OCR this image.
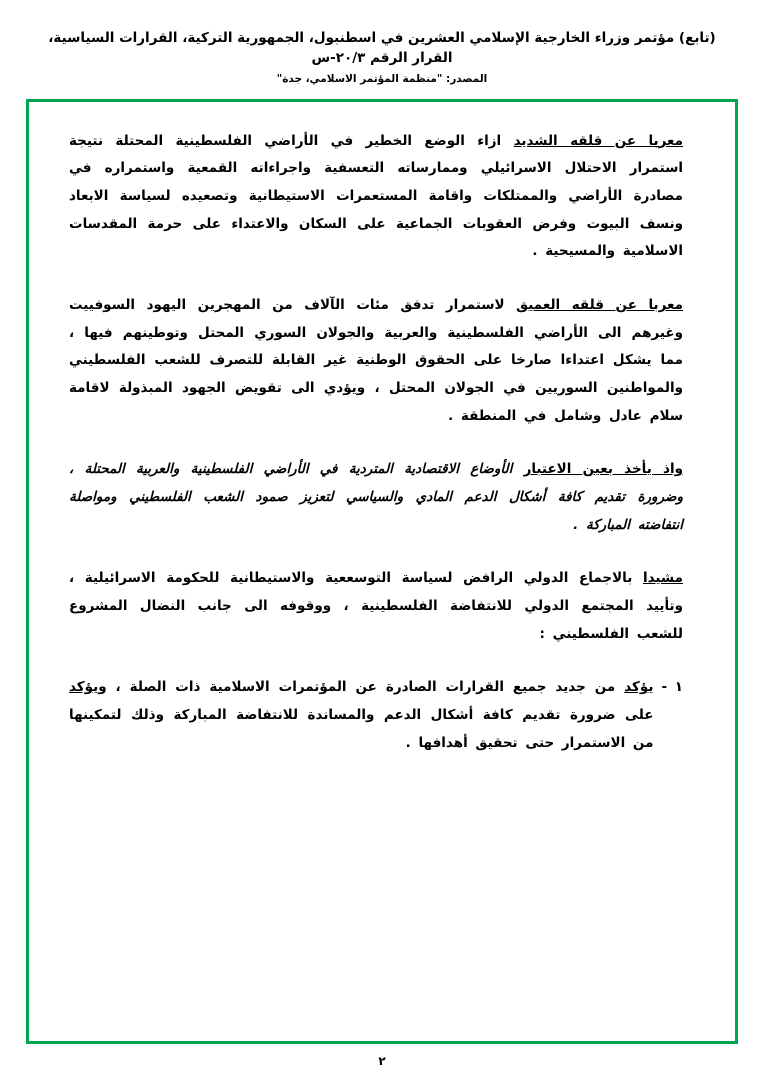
(تابع) مؤتمر وزراء الخارجية الإسلامي العشرين في اسطنبول، الجمهورية التركية، القرارات السياسية، القرار الرقم ٢٠/٣-س
المصدر: "منظمة المؤتمر الاسلامي، جدة"

معربا عن قلقه الشديد ازاء الوضع الخطير في الأراضي الفلسطينية المحتلة نتيجة استمرار الاحتلال الاسرائيلي وممارساته التعسفية واجراءاته القمعية واستمراره في مصادرة الأراضي والممتلكات واقامة المستعمرات الاستيطانية وتصعيده لسياسة الابعاد ونسف البيوت وفرض العقوبات الجماعية على السكان والاعتداء على حرمة المقدسات الاسلامية والمسيحية .

معربا عن قلقه العميق لاستمرار تدفق مئات الآلاف من المهجرين اليهود السوفييت وغيرهم الى الأراضي الفلسطينية والعربية والجولان السوري المحتل وتوطينهم فيها ، مما يشكل اعتداءا صارخا على الحقوق الوطنية غير القابلة للتصرف للشعب الفلسطيني والمواطنين السوريين في الجولان المحتل ، ويؤدي الى تقويض الجهود المبذولة لاقامة سلام عادل وشامل في المنطقة .

واذ يأخذ بعين الاعتبار الأوضاع الاقتصادية المتردية في الأراضي الفلسطينية والعربية المحتلة ، وضرورة تقديم كافة أشكال الدعم المادي والسياسي لتعزيز صمود الشعب الفلسطيني ومواصلة انتفاضته المباركة .

مشيدا بالاجماع الدولي الرافض لسياسة التوسععية والاستيطانية للحكومة الاسرائيلية ، وتأييد المجتمع الدولي للانتفاضة الفلسطينية ، ووقوفه الى جانب النضال المشروع للشعب الفلسطيني :

١ -
يؤكد من جديد جميع القرارات الصادرة عن المؤتمرات الاسلامية ذات الصلة ، ويؤكد على ضرورة تقديم كافة أشكال الدعم والمساندة للانتفاضة المباركة وذلك لتمكينها من الاستمرار حتى تحقيق أهدافها .
٢
